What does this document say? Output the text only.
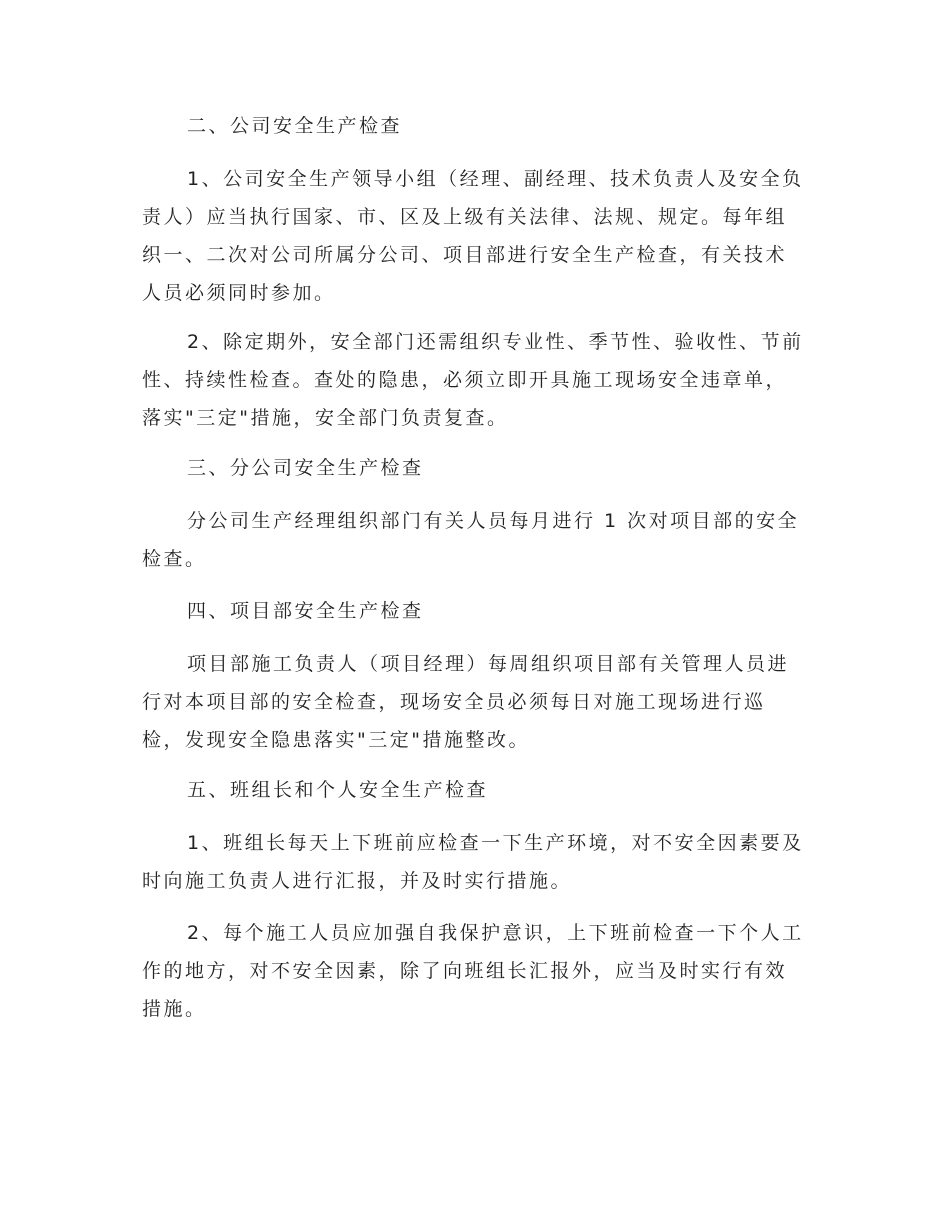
二、公司安全生产检查
1、公司安全生产领导小组（经理、副经理、技术负责人及安全负
责人）应当执行国家、市、区及上级有关法律、法规、规定。每年组
织一、二次对公司所属分公司、项目部进行安全生产检查，有关技术
人员必须同时参加。
2、除定期外，安全部门还需组织专业性、季节性、验收性、节前
性、持续性检查。查处的隐患，必须立即开具施工现场安全违章单，
落实"三定"措施，安全部门负责复查。
三、分公司安全生产检查
分公司生产经理组织部门有关人员每月进行 1 次对项目部的安全
检查。
四、项目部安全生产检查
项目部施工负责人（项目经理）每周组织项目部有关管理人员进
行对本项目部的安全检查，现场安全员必须每日对施工现场进行巡
检，发现安全隐患落实"三定"措施整改。
五、班组长和个人安全生产检查
1、班组长每天上下班前应检查一下生产环境，对不安全因素要及
时向施工负责人进行汇报，并及时实行措施。
2、每个施工人员应加强自我保护意识，上下班前检查一下个人工
作的地方，对不安全因素，除了向班组长汇报外，应当及时实行有效
措施。
